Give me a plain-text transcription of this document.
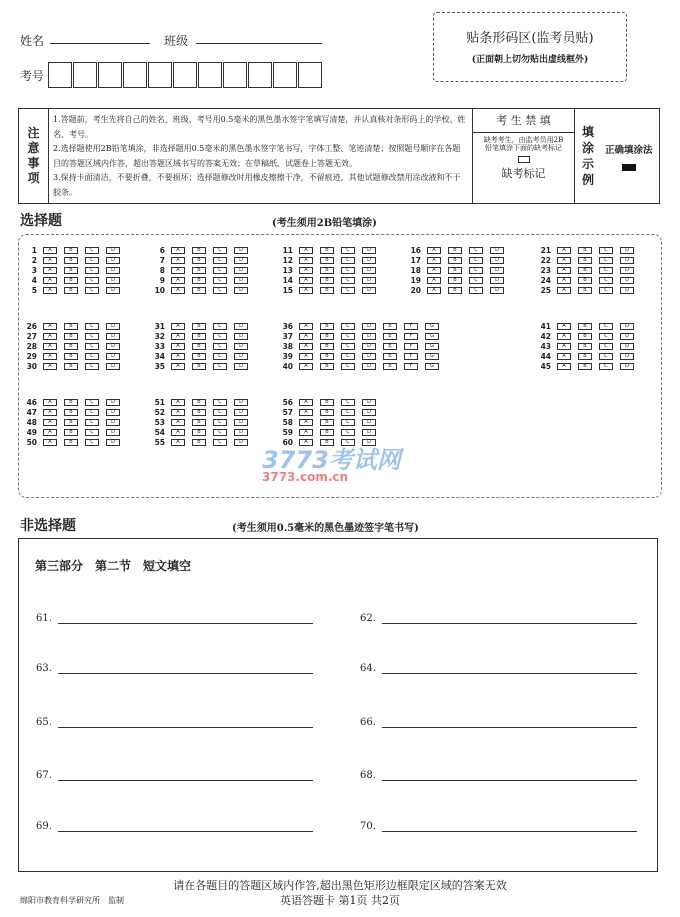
姓名	班级
考号
贴条形码区(监考员贴)
(正面朝上切勿贴出虚线框外)
注意事项
1.答题前，考生先将自己的姓名、班级、考号用0.5毫米的黑色墨水签字笔填写清楚，并认真核对条形码上的学校、姓名、考号。
2.选择题使用2B铅笔填涂，非选择题用0.5毫米的黑色墨水签字笔书写，字体工整、笔迹清楚；按照题号顺序在各题目的答题区域内作答，超出答题区域书写的答案无效；在草稿纸、试题卷上答题无效。
3.保持卡面清洁，不要折叠，不要损坏；选择题修改时用橡皮擦擦干净，不留痕迹，其他试题修改禁用涂改液和不干胶条。
考 生 禁 填
缺考考生，由监考员用2B铅笔填涂下面的缺考标记
缺考标记
填涂示例
正确填涂法
选择题	(考生须用2B铅笔填涂)
1	A	B	C	D
2	A	B	C	D
3	A	B	C	D
4	A	B	C	D
5	A	B	C	D
6	A	B	C	D
7	A	B	C	D
8	A	B	C	D
9	A	B	C	D
10	A	B	C	D
11	A	B	C	D
12	A	B	C	D
13	A	B	C	D
14	A	B	C	D
15	A	B	C	D
16	A	B	C	D
17	A	B	C	D
18	A	B	C	D
19	A	B	C	D
20	A	B	C	D
21	A	B	C	D
22	A	B	C	D
23	A	B	C	D
24	A	B	C	D
25	A	B	C	D
26	A	B	C	D
27	A	B	C	D
28	A	B	C	D
29	A	B	C	D
30	A	B	C	D
31	A	B	C	D
32	A	B	C	D
33	A	B	C	D
34	A	B	C	D
35	A	B	C	D
36	A	B	C	D	E	F	G
37	A	B	C	D	E	F	G
38	A	B	C	D	E	F	G
39	A	B	C	D	E	F	G
40	A	B	C	D	E	F	G
41	A	B	C	D
42	A	B	C	D
43	A	B	C	D
44	A	B	C	D
45	A	B	C	D
46	A	B	C	D
47	A	B	C	D
48	A	B	C	D
49	A	B	C	D
50	A	B	C	D
51	A	B	C	D
52	A	B	C	D
53	A	B	C	D
54	A	B	C	D
55	A	B	C	D
56	A	B	C	D
57	A	B	C	D
58	A	B	C	D
59	A	B	C	D
60	A	B	C	D
3773考试网
3773.com.cn
非选择题	(考生须用0.5毫米的黑色墨迹签字笔书写)
第三部分　第二节　短文填空
61.	62.
63.	64.
65.	66.
67.	68.
69.	70.
请在各题目的答题区域内作答,超出黑色矩形边框限定区域的答案无效
英语答题卡 第1页 共2页
绵阳市教育科学研究所　监制
